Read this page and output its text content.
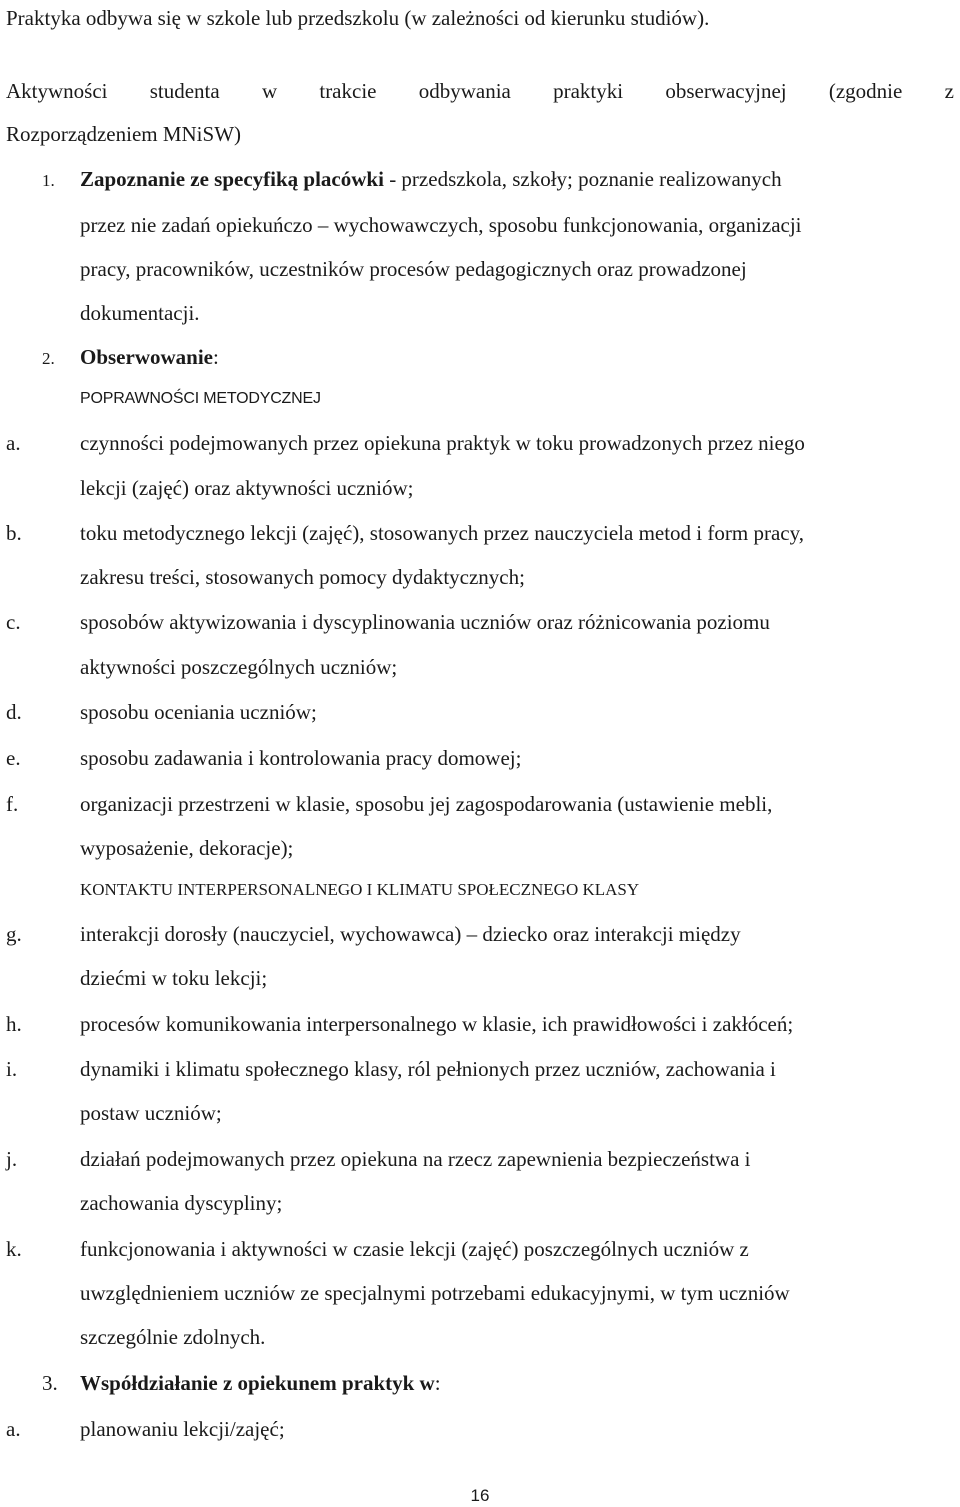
Praktyka odbywa się w szkole lub przedszkolu (w zależności od kierunku studiów).
Aktywności studenta w trakcie odbywania praktyki obserwacyjnej (zgodnie z
Rozporządzeniem MNiSW)
1. Zapoznanie ze specyfiką placówki - przedszkola, szkoły; poznanie realizowanych
przez nie zadań opiekuńczo – wychowawczych, sposobu funkcjonowania, organizacji
pracy, pracowników, uczestników procesów pedagogicznych oraz prowadzonej
dokumentacji.
2. Obserwowanie:
POPRAWNOŚCI METODYCZNEJ
a.	czynności podejmowanych przez opiekuna praktyk w toku prowadzonych przez niego
lekcji (zajęć) oraz aktywności uczniów;
b.	toku metodycznego lekcji (zajęć), stosowanych przez nauczyciela metod i form pracy,
zakresu treści, stosowanych pomocy dydaktycznych;
c.	sposobów aktywizowania i dyscyplinowania uczniów oraz różnicowania poziomu
aktywności poszczególnych uczniów;
d.	sposobu oceniania uczniów;
e.	sposobu zadawania i kontrolowania pracy domowej;
f.	organizacji przestrzeni w klasie, sposobu jej zagospodarowania (ustawienie mebli,
wyposażenie, dekoracje);
KONTAKTU INTERPERSONALNEGO I KLIMATU SPOŁECZNEGO KLASY
g.	interakcji dorosły (nauczyciel, wychowawca) – dziecko oraz interakcji między
dziećmi w toku lekcji;
h.	procesów komunikowania interpersonalnego w klasie, ich prawidłowości i zakłóceń;
i.	dynamiki i klimatu społecznego klasy, ról pełnionych przez uczniów, zachowania i
postaw uczniów;
j.	działań podejmowanych przez opiekuna na rzecz zapewnienia bezpieczeństwa i
zachowania dyscypliny;
k.	funkcjonowania i aktywności w czasie lekcji (zajęć) poszczególnych uczniów z
uwzględnieniem uczniów ze specjalnymi potrzebami edukacyjnymi, w tym uczniów
szczególnie zdolnych.
3. Współdziałanie z opiekunem praktyk w:
a.	planowaniu lekcji/zajęć;
16
